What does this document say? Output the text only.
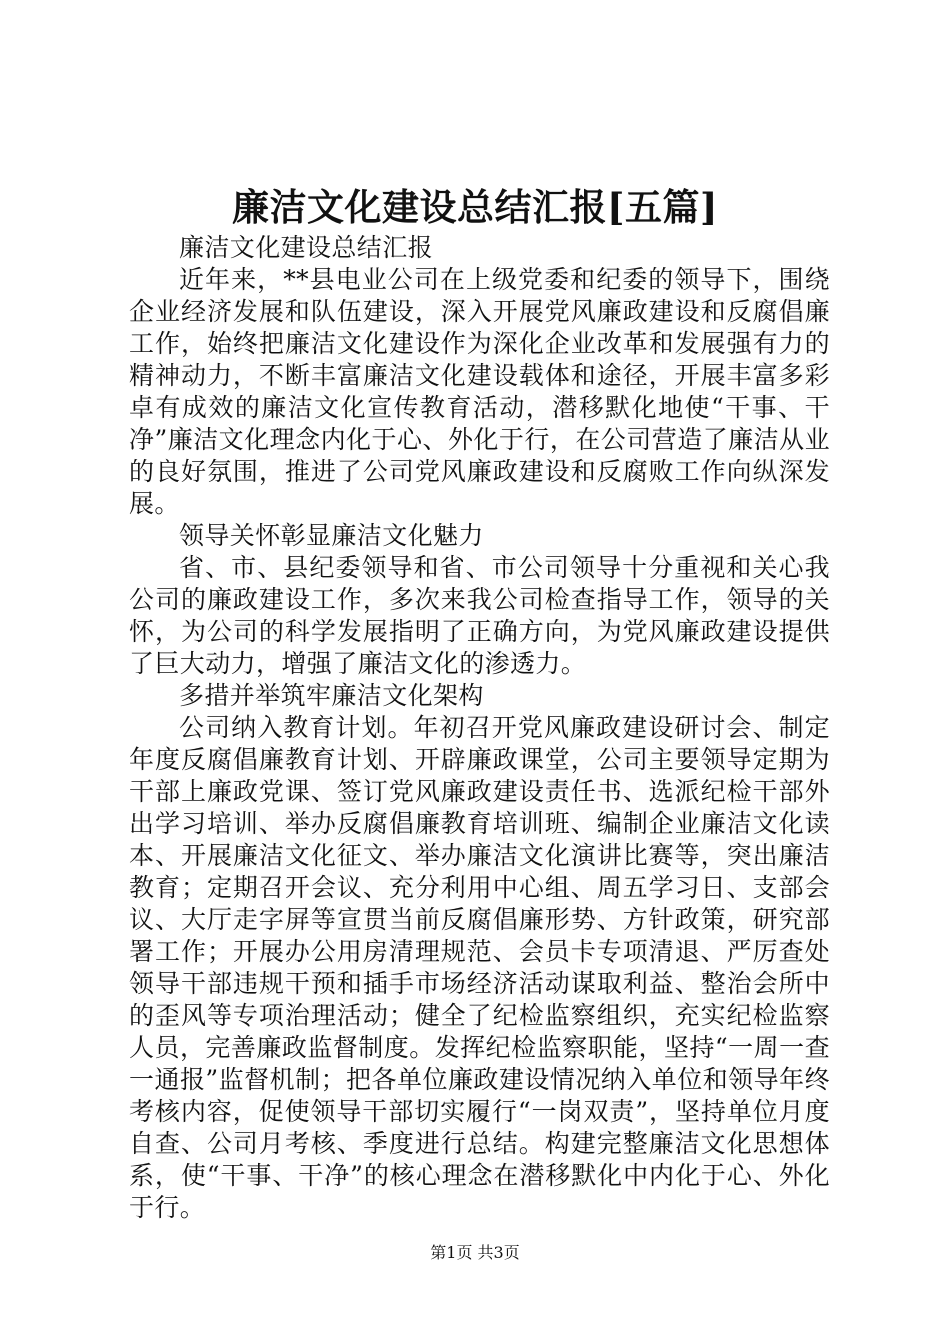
廉洁文化建设总结汇报[五篇]

廉洁文化建设总结汇报

近年来，**县电业公司在上级党委和纪委的领导下，围绕企业经济发展和队伍建设，深入开展党风廉政建设和反腐倡廉工作，始终把廉洁文化建设作为深化企业改革和发展强有力的精神动力，不断丰富廉洁文化建设载体和途径，开展丰富多彩卓有成效的廉洁文化宣传教育活动，潜移默化地使“干事、干净”廉洁文化理念内化于心、外化于行，在公司营造了廉洁从业的良好氛围，推进了公司党风廉政建设和反腐败工作向纵深发展。

领导关怀彰显廉洁文化魅力

省、市、县纪委领导和省、市公司领导十分重视和关心我公司的廉政建设工作，多次来我公司检查指导工作，领导的关怀，为公司的科学发展指明了正确方向，为党风廉政建设提供了巨大动力，增强了廉洁文化的渗透力。

多措并举筑牢廉洁文化架构

公司纳入教育计划。年初召开党风廉政建设研讨会、制定年度反腐倡廉教育计划、开辟廉政课堂，公司主要领导定期为干部上廉政党课、签订党风廉政建设责任书、选派纪检干部外出学习培训、举办反腐倡廉教育培训班、编制企业廉洁文化读本、开展廉洁文化征文、举办廉洁文化演讲比赛等，突出廉洁教育；定期召开会议、充分利用中心组、周五学习日、支部会议、大厅走字屏等宣贯当前反腐倡廉形势、方针政策，研究部署工作；开展办公用房清理规范、会员卡专项清退、严厉查处领导干部违规干预和插手市场经济活动谋取利益、整治会所中的歪风等专项治理活动；健全了纪检监察组织，充实纪检监察人员，完善廉政监督制度。发挥纪检监察职能，坚持“一周一查一通报”监督机制；把各单位廉政建设情况纳入单位和领导年终考核内容，促使领导干部切实履行“一岗双责”，坚持单位月度自查、公司月考核、季度进行总结。构建完整廉洁文化思想体系，使“干事、干净”的核心理念在潜移默化中内化于心、外化于行。

第1页 共3页
